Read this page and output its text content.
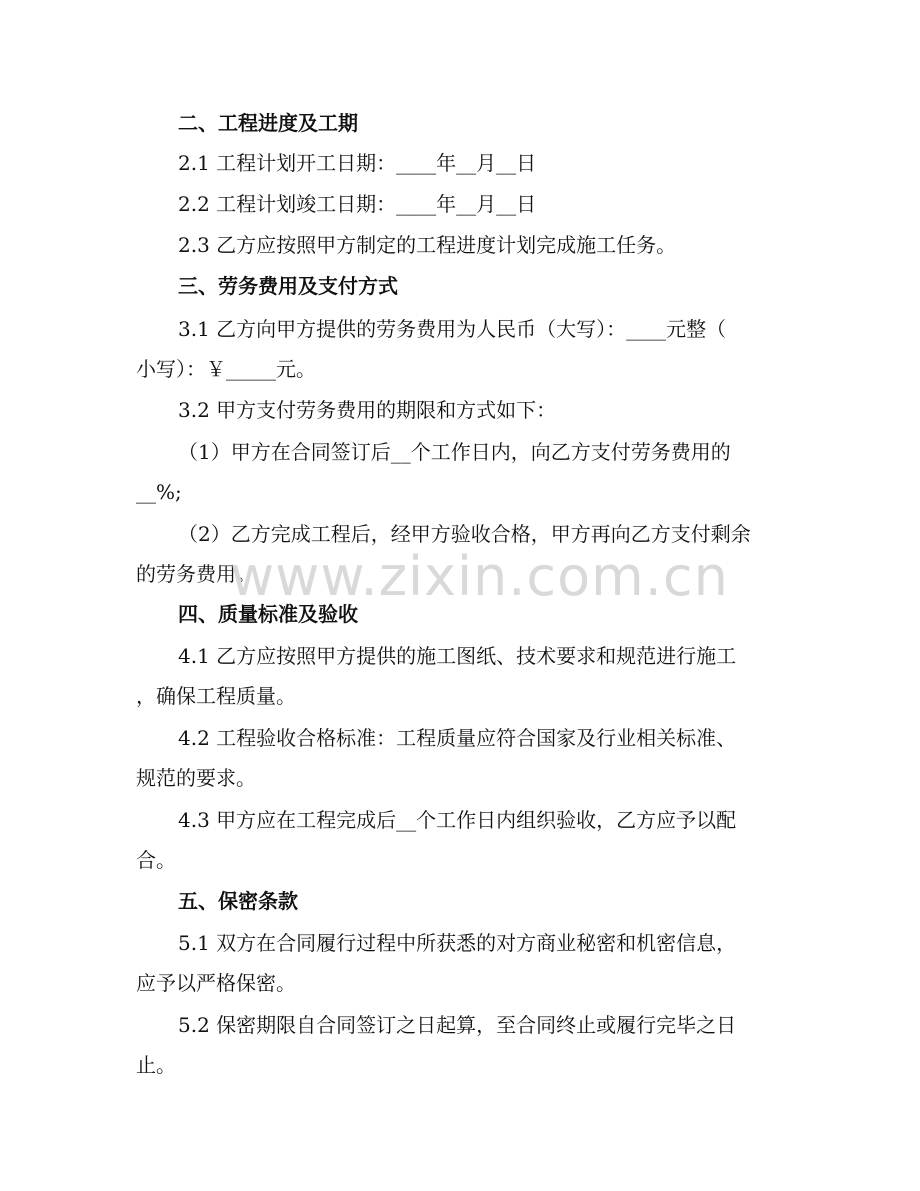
二、工程进度及工期
2.1 工程计划开工日期：____年__月__日
2.2 工程计划竣工日期：____年__月__日
2.3 乙方应按照甲方制定的工程进度计划完成施工任务。
三、劳务费用及支付方式
3.1 乙方向甲方提供的劳务费用为人民币（大写）：____元整（
小写）：￥_____元。
3.2 甲方支付劳务费用的期限和方式如下：
（1）甲方在合同签订后__个工作日内，向乙方支付劳务费用的
__%;
（2）乙方完成工程后，经甲方验收合格，甲方再向乙方支付剩余
的劳务费用。
四、质量标准及验收
4.1 乙方应按照甲方提供的施工图纸、技术要求和规范进行施工
，确保工程质量。
4.2 工程验收合格标准：工程质量应符合国家及行业相关标准、
规范的要求。
4.3 甲方应在工程完成后__个工作日内组织验收，乙方应予以配
合。
五、保密条款
5.1 双方在合同履行过程中所获悉的对方商业秘密和机密信息，
应予以严格保密。
5.2 保密期限自合同签订之日起算，至合同终止或履行完毕之日
止。
www.zixin.com.cn
